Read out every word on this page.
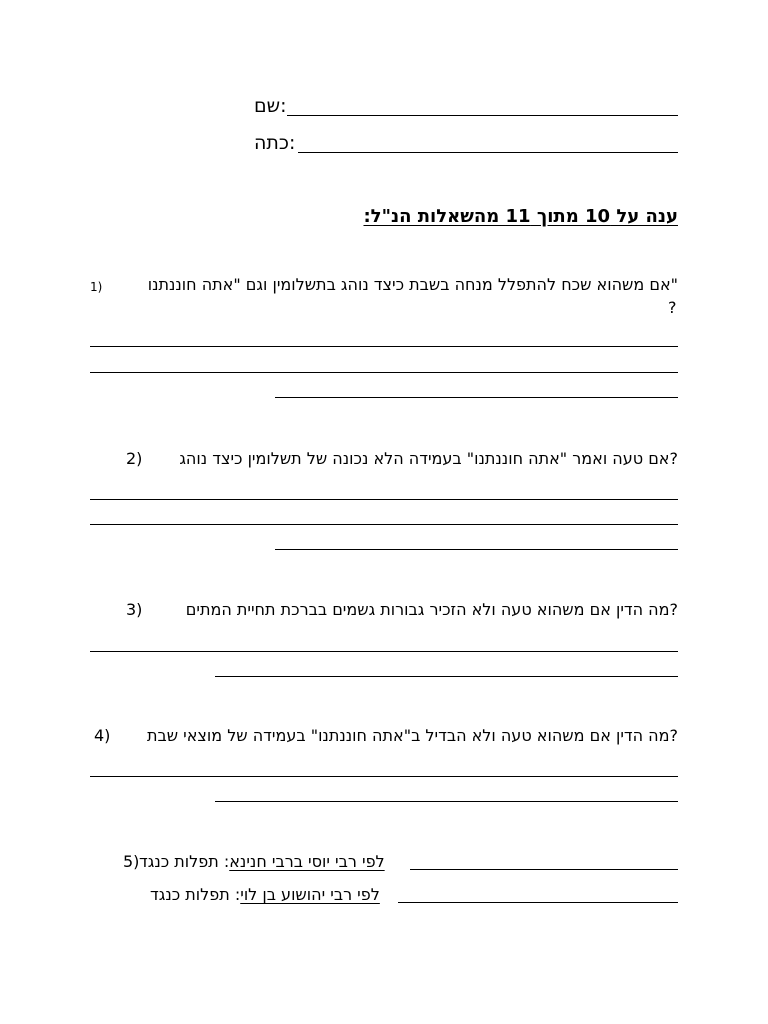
שם:
כתה:
ענה על 10 מתוך 11 מהשאלות הנ"ל:
"אם משהוא שכח להתפלל מנחה בשבת כיצד נוהג בתשלומין וגם "אתה חוננתנו
1)
?
?אם טעה ואמר "אתה חוננתנו" בעמידה הלא נכונה של תשלומין כיצד נוהג
2)
?מה הדין אם משהוא טעה ולא הזכיר גבורות גשמים בברכת תחיית המתים
3)
?מה הדין אם משהוא טעה ולא הבדיל ב"אתה חוננתנו" בעמידה של מוצאי שבת
4)
5)	לפי רבי יוסי ברבי חנינא: תפלות כנגד
לפי רבי יהושוע בן לוי: תפלות כנגד
